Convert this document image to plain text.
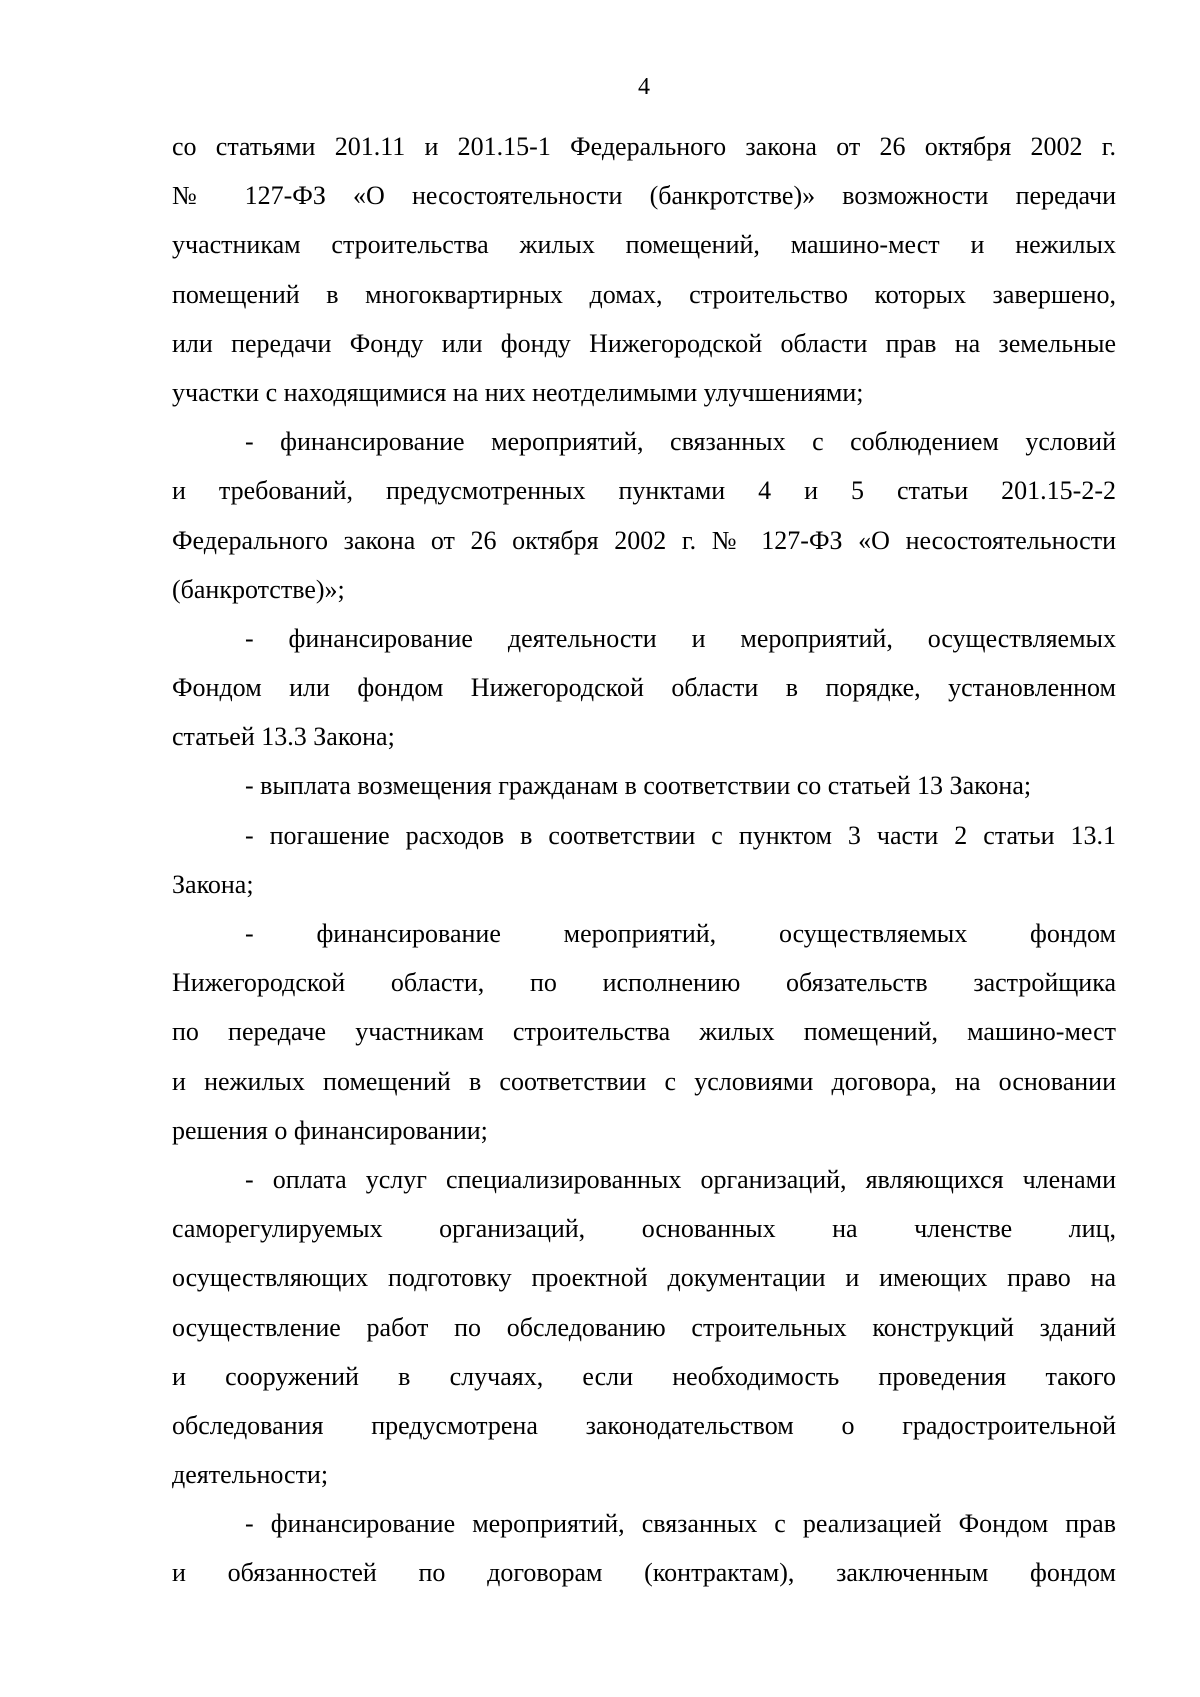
4
со статьями 201.11 и 201.15-1 Федерального закона от 26 октября 2002 г.
№ 127-ФЗ «О несостоятельности (банкротстве)» возможности передачи
участникам строительства жилых помещений, машино-мест и нежилых
помещений в многоквартирных домах, строительство которых завершено,
или передачи Фонду или фонду Нижегородской области прав на земельные
участки с находящимися на них неотделимыми улучшениями;
- финансирование мероприятий, связанных с соблюдением условий
и требований, предусмотренных пунктами 4 и 5 статьи 201.15-2-2
Федерального закона от 26 октября 2002 г. № 127-ФЗ «О несостоятельности
(банкротстве)»;
- финансирование деятельности и мероприятий, осуществляемых
Фондом или фондом Нижегородской области в порядке, установленном
статьей 13.3 Закона;
- выплата возмещения гражданам в соответствии со статьей 13 Закона;
- погашение расходов в соответствии с пунктом 3 части 2 статьи 13.1
Закона;
- финансирование мероприятий, осуществляемых фондом
Нижегородской области, по исполнению обязательств застройщика
по передаче участникам строительства жилых помещений, машино-мест
и нежилых помещений в соответствии с условиями договора, на основании
решения о финансировании;
- оплата услуг специализированных организаций, являющихся членами
саморегулируемых организаций, основанных на членстве лиц,
осуществляющих подготовку проектной документации и имеющих право на
осуществление работ по обследованию строительных конструкций зданий
и сооружений в случаях, если необходимость проведения такого
обследования предусмотрена законодательством о градостроительной
деятельности;
- финансирование мероприятий, связанных с реализацией Фондом прав
и обязанностей по договорам (контрактам), заключенным фондом
